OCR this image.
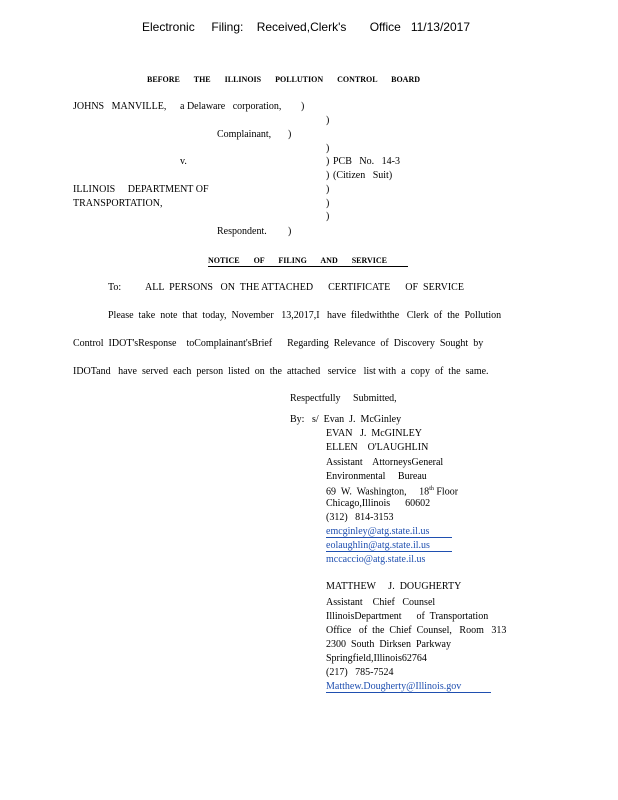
Electronic     Filing:    Received,Clerk's       Office   11/13/2017
BEFORE       THE       ILLINOIS       POLLUTION       CONTROL       BOARD
JOHNS   MANVILLE, a Delaware   corporation, )
)
Complainant, )
)
v.	) PCB   No.   14-3
) (Citizen   Suit)
ILLINOIS     DEPARTMENT OF	)
TRANSPORTATION,	)
)
Respondent. )
NOTICE       OF       FILING       AND       SERVICE
To: ALL  PERSONS   ON  THE ATTACHED      CERTIFICATE      OF  SERVICE
Please  take  note  that  today,  November   13,2017,I   have  filedwiththe   Clerk  of  the  Pollution
Control  IDOT'sResponse    toComplainant'sBrief      Regarding  Relevance  of  Discovery  Sought  by
IDOTand   have  served  each  person  listed  on  the  attached   service   list with  a  copy  of  the  same.
Respectfully     Submitted,
By:   s/  Evan  J.  McGinley
EVAN   J.  McGINLEY
ELLEN    O'LAUGHLIN
Assistant    AttorneysGeneral
Environmental     Bureau
69  W.  Washington,     18th Floor
Chicago,Illinois      60602
(312)   814-3153
emcginley@atg.state.il.us
eolaughlin@atg.state.il.us
mccaccio@atg.state.il.us
MATTHEW     J.  DOUGHERTY
Assistant    Chief   Counsel
IllinoisDepartment      of  Transportation
Office   of  the  Chief  Counsel,   Room   313
2300  South  Dirksen  Parkway
Springfield,Illinois62764
(217)   785-7524
Matthew.Dougherty@Illinois.gov
